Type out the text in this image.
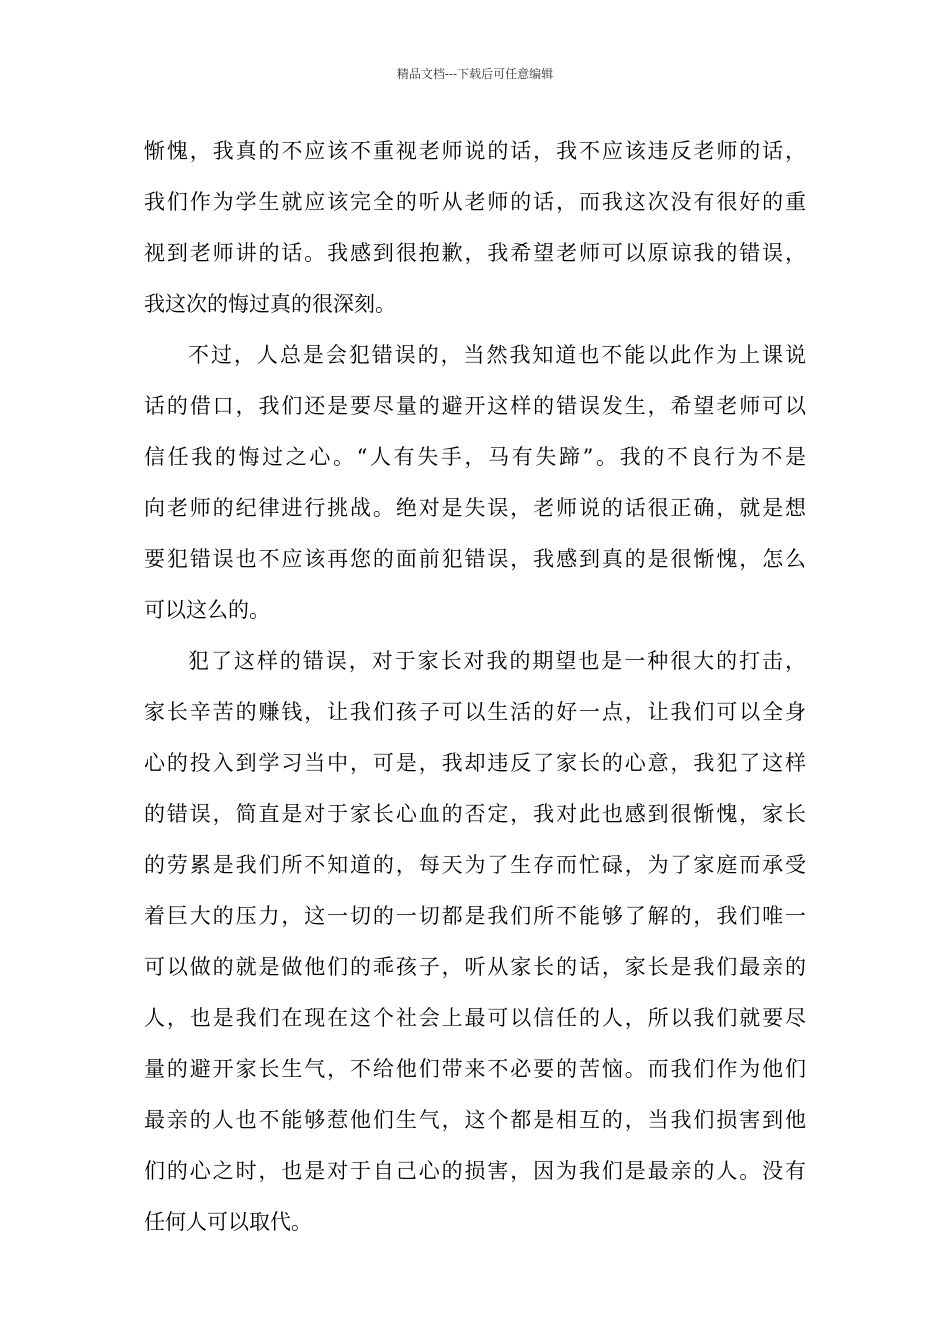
精品文档---下载后可任意编辑
惭愧，我真的不应该不重视老师说的话，我不应该违反老师的话，
我们作为学生就应该完全的听从老师的话，而我这次没有很好的重
视到老师讲的话。我感到很抱歉，我希望老师可以原谅我的错误，
我这次的悔过真的很深刻。
不过，人总是会犯错误的，当然我知道也不能以此作为上课说
话的借口，我们还是要尽量的避开这样的错误发生，希望老师可以
信任我的悔过之心。“人有失手，马有失蹄”。我的不良行为不是
向老师的纪律进行挑战。绝对是失误，老师说的话很正确，就是想
要犯错误也不应该再您的面前犯错误，我感到真的是很惭愧，怎么
可以这么的。
犯了这样的错误，对于家长对我的期望也是一种很大的打击，
家长辛苦的赚钱，让我们孩子可以生活的好一点，让我们可以全身
心的投入到学习当中，可是，我却违反了家长的心意，我犯了这样
的错误，简直是对于家长心血的否定，我对此也感到很惭愧，家长
的劳累是我们所不知道的，每天为了生存而忙碌，为了家庭而承受
着巨大的压力，这一切的一切都是我们所不能够了解的，我们唯一
可以做的就是做他们的乖孩子，听从家长的话，家长是我们最亲的
人，也是我们在现在这个社会上最可以信任的人，所以我们就要尽
量的避开家长生气，不给他们带来不必要的苦恼。而我们作为他们
最亲的人也不能够惹他们生气，这个都是相互的，当我们损害到他
们的心之时，也是对于自己心的损害，因为我们是最亲的人。没有
任何人可以取代。
